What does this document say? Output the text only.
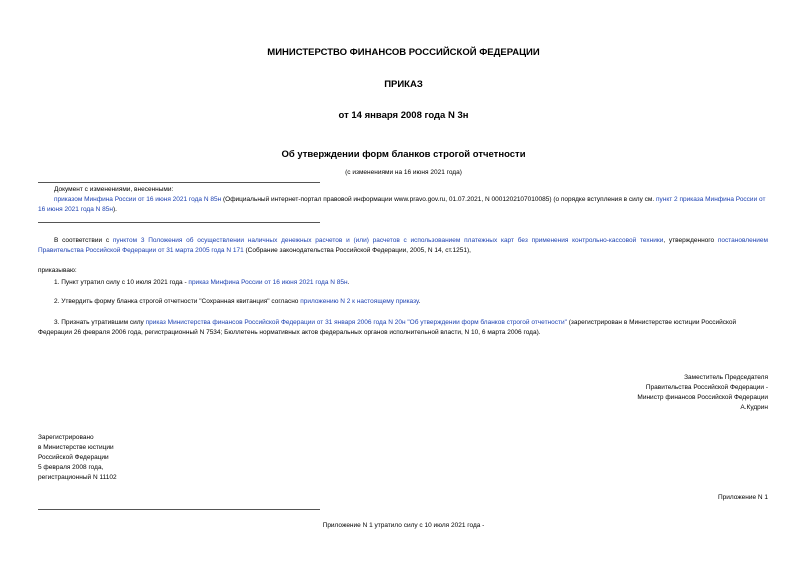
МИНИСТЕРСТВО ФИНАНСОВ РОССИЙСКОЙ ФЕДЕРАЦИИ
ПРИКАЗ
от 14 января 2008 года N 3н
Об утверждении форм бланков строгой отчетности
(с изменениями на 16 июня 2021 года)
Документ с изменениями, внесенными:
приказом Минфина России от 16 июня 2021 года N 85н (Официальный интернет-портал правовой информации www.pravo.gov.ru, 01.07.2021, N 0001202107010085) (о порядке вступления в силу см. пункт 2 приказа Минфина России от 16 июня 2021 года N 85н).
В соответствии с пунктом 3 Положения об осуществлении наличных денежных расчетов и (или) расчетов с использованием платежных карт без применения контрольно-кассовой техники, утвержденного постановлением Правительства Российской Федерации от 31 марта 2005 года N 171 (Собрание законодательства Российской Федерации, 2005, N 14, ст.1251),
приказываю:
1. Пункт утратил силу с 10 июля 2021 года - приказ Минфина России от 16 июня 2021 года N 85н.
2. Утвердить форму бланка строгой отчетности "Сохранная квитанция" согласно приложению N 2 к настоящему приказу.
3. Признать утратившим силу приказ Министерства финансов Российской Федерации от 31 января 2006 года N 20н "Об утверждении форм бланков строгой отчетности" (зарегистрирован в Министерстве юстиции Российской Федерации 26 февраля 2006 года, регистрационный N 7534; Бюллетень нормативных актов федеральных органов исполнительной власти, N 10, 6 марта 2006 года).
Заместитель Председателя
Правительства Российской Федерации -
Министр финансов Российской Федерации
А.Кудрин
Зарегистрировано
в Министерстве юстиции
Российской Федерации
5 февраля 2008 года,
регистрационный N 11102
Приложение N 1
Приложение N 1 утратило силу с 10 июля 2021 года -
